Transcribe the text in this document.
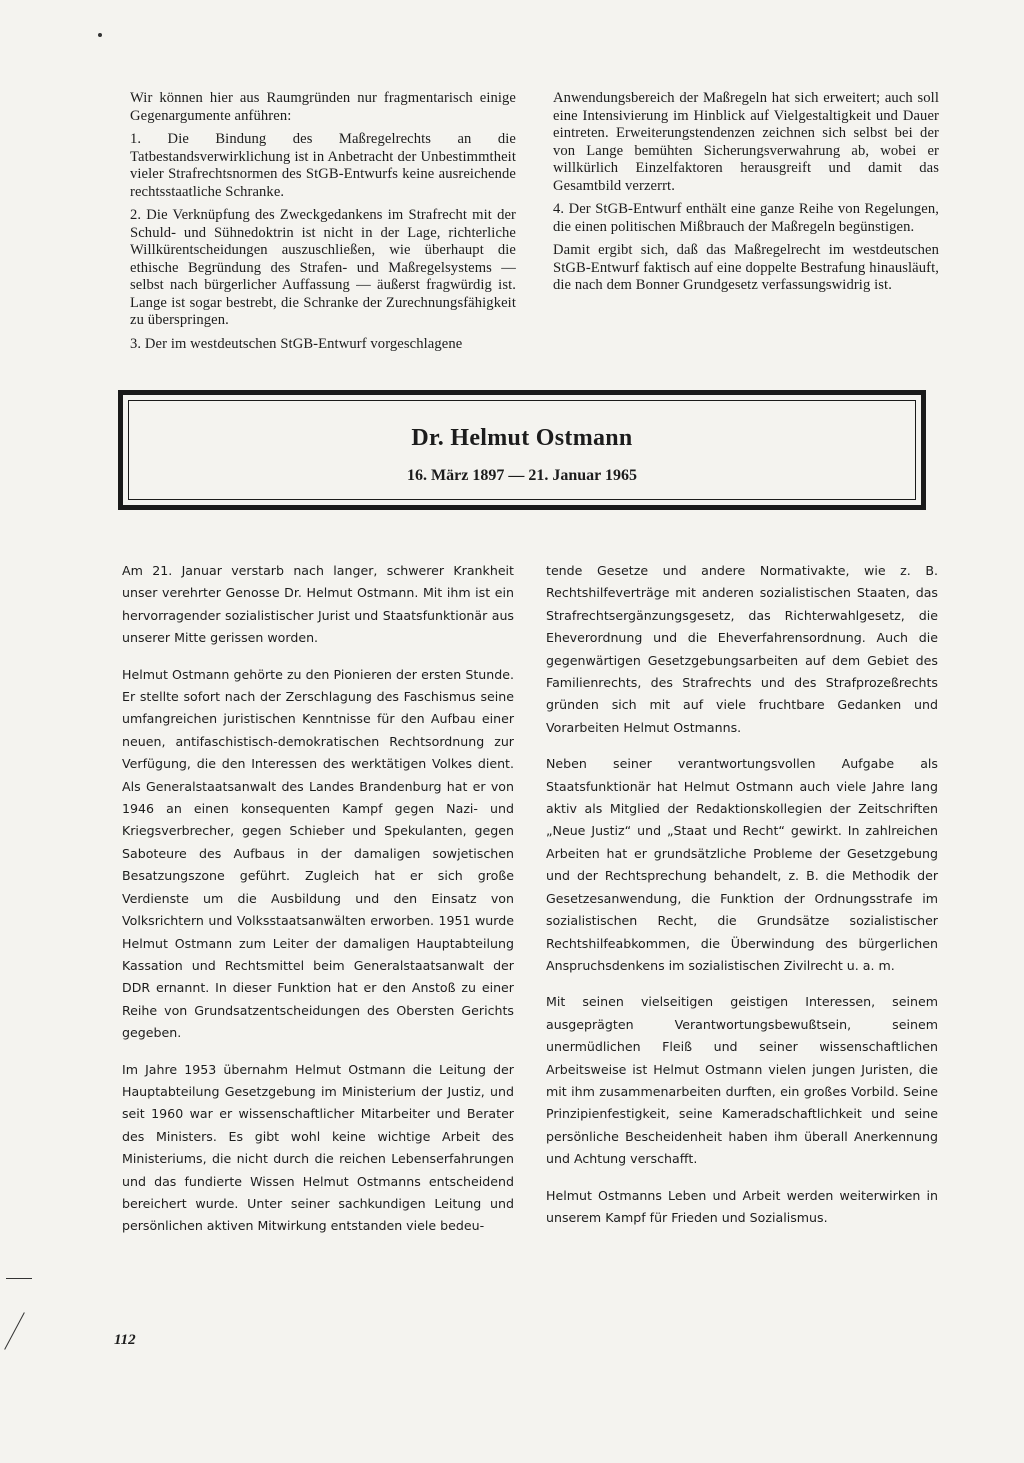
Wir können hier aus Raumgründen nur fragmentarisch einige Gegenargumente anführen:

1. Die Bindung des Maßregelrechts an die Tatbestandsverwirklichung ist in Anbetracht der Unbestimmtheit vieler Strafrechtsnormen des StGB-Entwurfs keine ausreichende rechtsstaatliche Schranke.

2. Die Verknüpfung des Zweckgedankens im Strafrecht mit der Schuld- und Sühnedoktrin ist nicht in der Lage, richterliche Willkürentscheidungen auszuschließen, wie überhaupt die ethische Begründung des Strafen- und Maßregelsystems — selbst nach bürgerlicher Auffassung — äußerst fragwürdig ist. Lange ist sogar bestrebt, die Schranke der Zurechnungsfähigkeit zu überspringen.

3. Der im westdeutschen StGB-Entwurf vorgeschlagene

Anwendungsbereich der Maßregeln hat sich erweitert; auch soll eine Intensivierung im Hinblick auf Vielgestaltigkeit und Dauer eintreten. Erweiterungstendenzen zeichnen sich selbst bei der von Lange bemühten Sicherungsverwahrung ab, wobei er willkürlich Einzelfaktoren herausgreift und damit das Gesamtbild verzerrt.

4. Der StGB-Entwurf enthält eine ganze Reihe von Regelungen, die einen politischen Mißbrauch der Maßregeln begünstigen.

Damit ergibt sich, daß das Maßregelrecht im westdeutschen StGB-Entwurf faktisch auf eine doppelte Bestrafung hinausläuft, die nach dem Bonner Grundgesetz verfassungswidrig ist.

Dr. Helmut Ostmann
16. März 1897 — 21. Januar 1965

Am 21. Januar verstarb nach langer, schwerer Krankheit unser verehrter Genosse Dr. Helmut Ostmann. Mit ihm ist ein hervorragender sozialistischer Jurist und Staatsfunktionär aus unserer Mitte gerissen worden.

Helmut Ostmann gehörte zu den Pionieren der ersten Stunde. Er stellte sofort nach der Zerschlagung des Faschismus seine umfangreichen juristischen Kenntnisse für den Aufbau einer neuen, antifaschistisch-demokratischen Rechtsordnung zur Verfügung, die den Interessen des werktätigen Volkes dient. Als Generalstaatsanwalt des Landes Brandenburg hat er von 1946 an einen konsequenten Kampf gegen Nazi- und Kriegsverbrecher, gegen Schieber und Spekulanten, gegen Saboteure des Aufbaus in der damaligen sowjetischen Besatzungszone geführt. Zugleich hat er sich große Verdienste um die Ausbildung und den Einsatz von Volksrichtern und Volksstaatsanwälten erworben. 1951 wurde Helmut Ostmann zum Leiter der damaligen Hauptabteilung Kassation und Rechtsmittel beim Generalstaatsanwalt der DDR ernannt. In dieser Funktion hat er den Anstoß zu einer Reihe von Grundsatzentscheidungen des Obersten Gerichts gegeben.

Im Jahre 1953 übernahm Helmut Ostmann die Leitung der Hauptabteilung Gesetzgebung im Ministerium der Justiz, und seit 1960 war er wissenschaftlicher Mitarbeiter und Berater des Ministers. Es gibt wohl keine wichtige Arbeit des Ministeriums, die nicht durch die reichen Lebenserfahrungen und das fundierte Wissen Helmut Ostmanns entscheidend bereichert wurde. Unter seiner sachkundigen Leitung und persönlichen aktiven Mitwirkung entstanden viele bedeu-

tende Gesetze und andere Normativakte, wie z. B. Rechtshilfeverträge mit anderen sozialistischen Staaten, das Strafrechtsergänzungsgesetz, das Richterwahlgesetz, die Eheverordnung und die Eheverfahrensordnung. Auch die gegenwärtigen Gesetzgebungsarbeiten auf dem Gebiet des Familienrechts, des Strafrechts und des Strafprozeßrechts gründen sich mit auf viele fruchtbare Gedanken und Vorarbeiten Helmut Ostmanns.

Neben seiner verantwortungsvollen Aufgabe als Staatsfunktionär hat Helmut Ostmann auch viele Jahre lang aktiv als Mitglied der Redaktionskollegien der Zeitschriften „Neue Justiz“ und „Staat und Recht“ gewirkt. In zahlreichen Arbeiten hat er grundsätzliche Probleme der Gesetzgebung und der Rechtsprechung behandelt, z. B. die Methodik der Gesetzesanwendung, die Funktion der Ordnungsstrafe im sozialistischen Recht, die Grundsätze sozialistischer Rechtshilfeabkommen, die Überwindung des bürgerlichen Anspruchsdenkens im sozialistischen Zivilrecht u. a. m.

Mit seinen vielseitigen geistigen Interessen, seinem ausgeprägten Verantwortungsbewußtsein, seinem unermüdlichen Fleiß und seiner wissenschaftlichen Arbeitsweise ist Helmut Ostmann vielen jungen Juristen, die mit ihm zusammenarbeiten durften, ein großes Vorbild. Seine Prinzipienfestigkeit, seine Kameradschaftlichkeit und seine persönliche Bescheidenheit haben ihm überall Anerkennung und Achtung verschafft.

Helmut Ostmanns Leben und Arbeit werden weiterwirken in unserem Kampf für Frieden und Sozialismus.

112
